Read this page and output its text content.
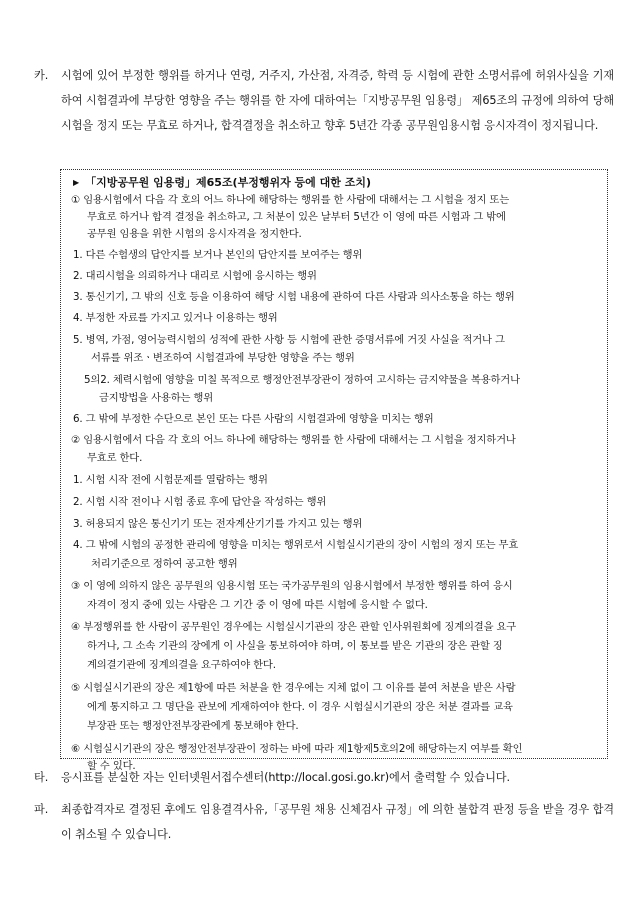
카. 시험에 있어 부정한 행위를 하거나 연령, 거주지, 가산점, 자격증, 학력 등 시험에 관한 소명서류에 허위사실을 기재하여 시험결과에 부당한 영향을 주는 행위를 한 자에 대하여는「지방공무원 임용령」 제65조의 규정에 의하여 당해 시험을 정지 또는 무효로 하거나, 합격결정을 취소하고 향후 5년간 각종 공무원임용시험 응시자격이 정지됩니다.
▶ 「지방공무원 임용령」제65조(부정행위자 등에 대한 조치)
① 임용시험에서 다음 각 호의 어느 하나에 해당하는 행위를 한 사람에 대해서는 그 시험을 정지 또는
무효로 하거나 합격 결정을 취소하고, 그 처분이 있은 날부터 5년간 이 영에 따른 시험과 그 밖에
공무원 임용을 위한 시험의 응시자격을 정지한다.
1. 다른 수험생의 답안지를 보거나 본인의 답안지를 보여주는 행위
2. 대리시험을 의뢰하거나 대리로 시험에 응시하는 행위
3. 통신기기, 그 밖의 신호 등을 이용하여 해당 시험 내용에 관하여 다른 사람과 의사소통을 하는 행위
4. 부정한 자료를 가지고 있거나 이용하는 행위
5. 병역, 가점, 영어능력시험의 성적에 관한 사항 등 시험에 관한 증명서류에 거짓 사실을 적거나 그
서류를 위조ㆍ변조하여 시험결과에 부당한 영향을 주는 행위
5의2. 체력시험에 영향을 미칠 목적으로 행정안전부장관이 정하여 고시하는 금지약물을 복용하거나
금지방법을 사용하는 행위
6. 그 밖에 부정한 수단으로 본인 또는 다른 사람의 시험결과에 영향을 미치는 행위
② 임용시험에서 다음 각 호의 어느 하나에 해당하는 행위를 한 사람에 대해서는 그 시험을 정지하거나
무효로 한다.
1. 시험 시작 전에 시험문제를 열람하는 행위
2. 시험 시작 전이나 시험 종료 후에 답안을 작성하는 행위
3. 허용되지 않은 통신기기 또는 전자계산기기를 가지고 있는 행위
4. 그 밖에 시험의 공정한 관리에 영향을 미치는 행위로서 시험실시기관의 장이 시험의 정지 또는 무효
처리기준으로 정하여 공고한 행위
③ 이 영에 의하지 않은 공무원의 임용시험 또는 국가공무원의 임용시험에서 부정한 행위를 하여 응시
자격이 정지 중에 있는 사람은 그 기간 중 이 영에 따른 시험에 응시할 수 없다.
④ 부정행위를 한 사람이 공무원인 경우에는 시험실시기관의 장은 관할 인사위원회에 징계의결을 요구
하거나, 그 소속 기관의 장에게 이 사실을 통보하여야 하며, 이 통보를 받은 기관의 장은 관할 징
계의결기관에 징계의결을 요구하여야 한다.
⑤ 시험실시기관의 장은 제1항에 따른 처분을 한 경우에는 지체 없이 그 이유를 붙여 처분을 받은 사람
에게 통지하고 그 명단을 관보에 게재하여야 한다. 이 경우 시험실시기관의 장은 처분 결과를 교육
부장관 또는 행정안전부장관에게 통보해야 한다.
⑥ 시험실시기관의 장은 행정안전부장관이 정하는 바에 따라 제1항제5호의2에 해당하는지 여부를 확인
할 수 있다.
타. 응시표를 분실한 자는 인터넷원서접수센터(http://local.gosi.go.kr)에서 출력할 수 있습니다.
파. 최종합격자로 결정된 후에도 임용결격사유,「공무원 채용 신체검사 규정」에 의한 불합격 판정 등을 받을 경우 합격이 취소될 수 있습니다.
